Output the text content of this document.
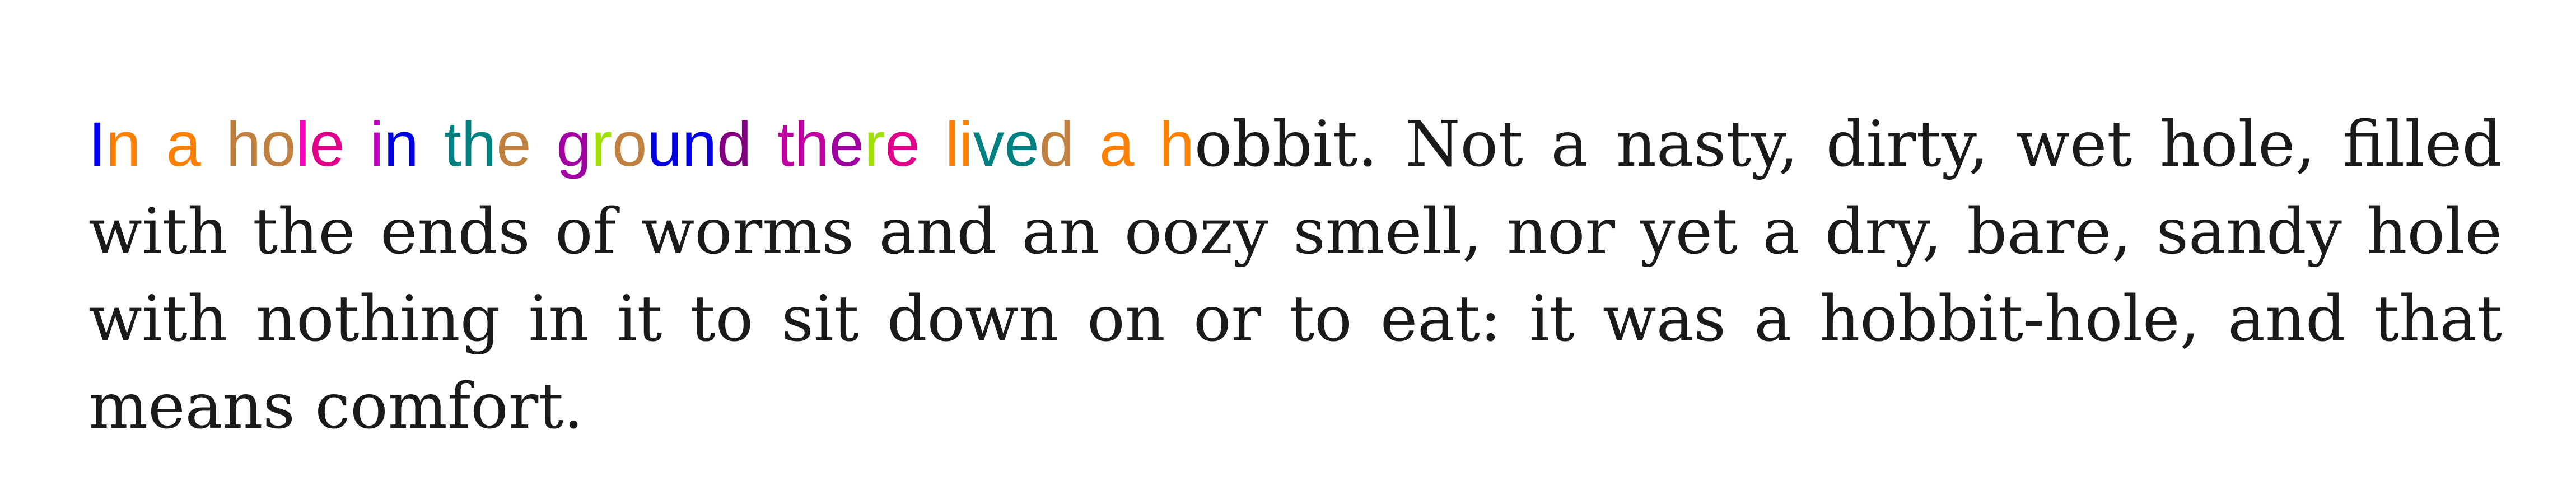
In a hole in the ground there lived a hobbit. Not a nasty, dirty, wet hole, filled with the ends of worms and an oozy smell, nor yet a dry, bare, sandy hole with nothing in it to sit down on or to eat: it was a hobbit-hole, and that means comfort.
